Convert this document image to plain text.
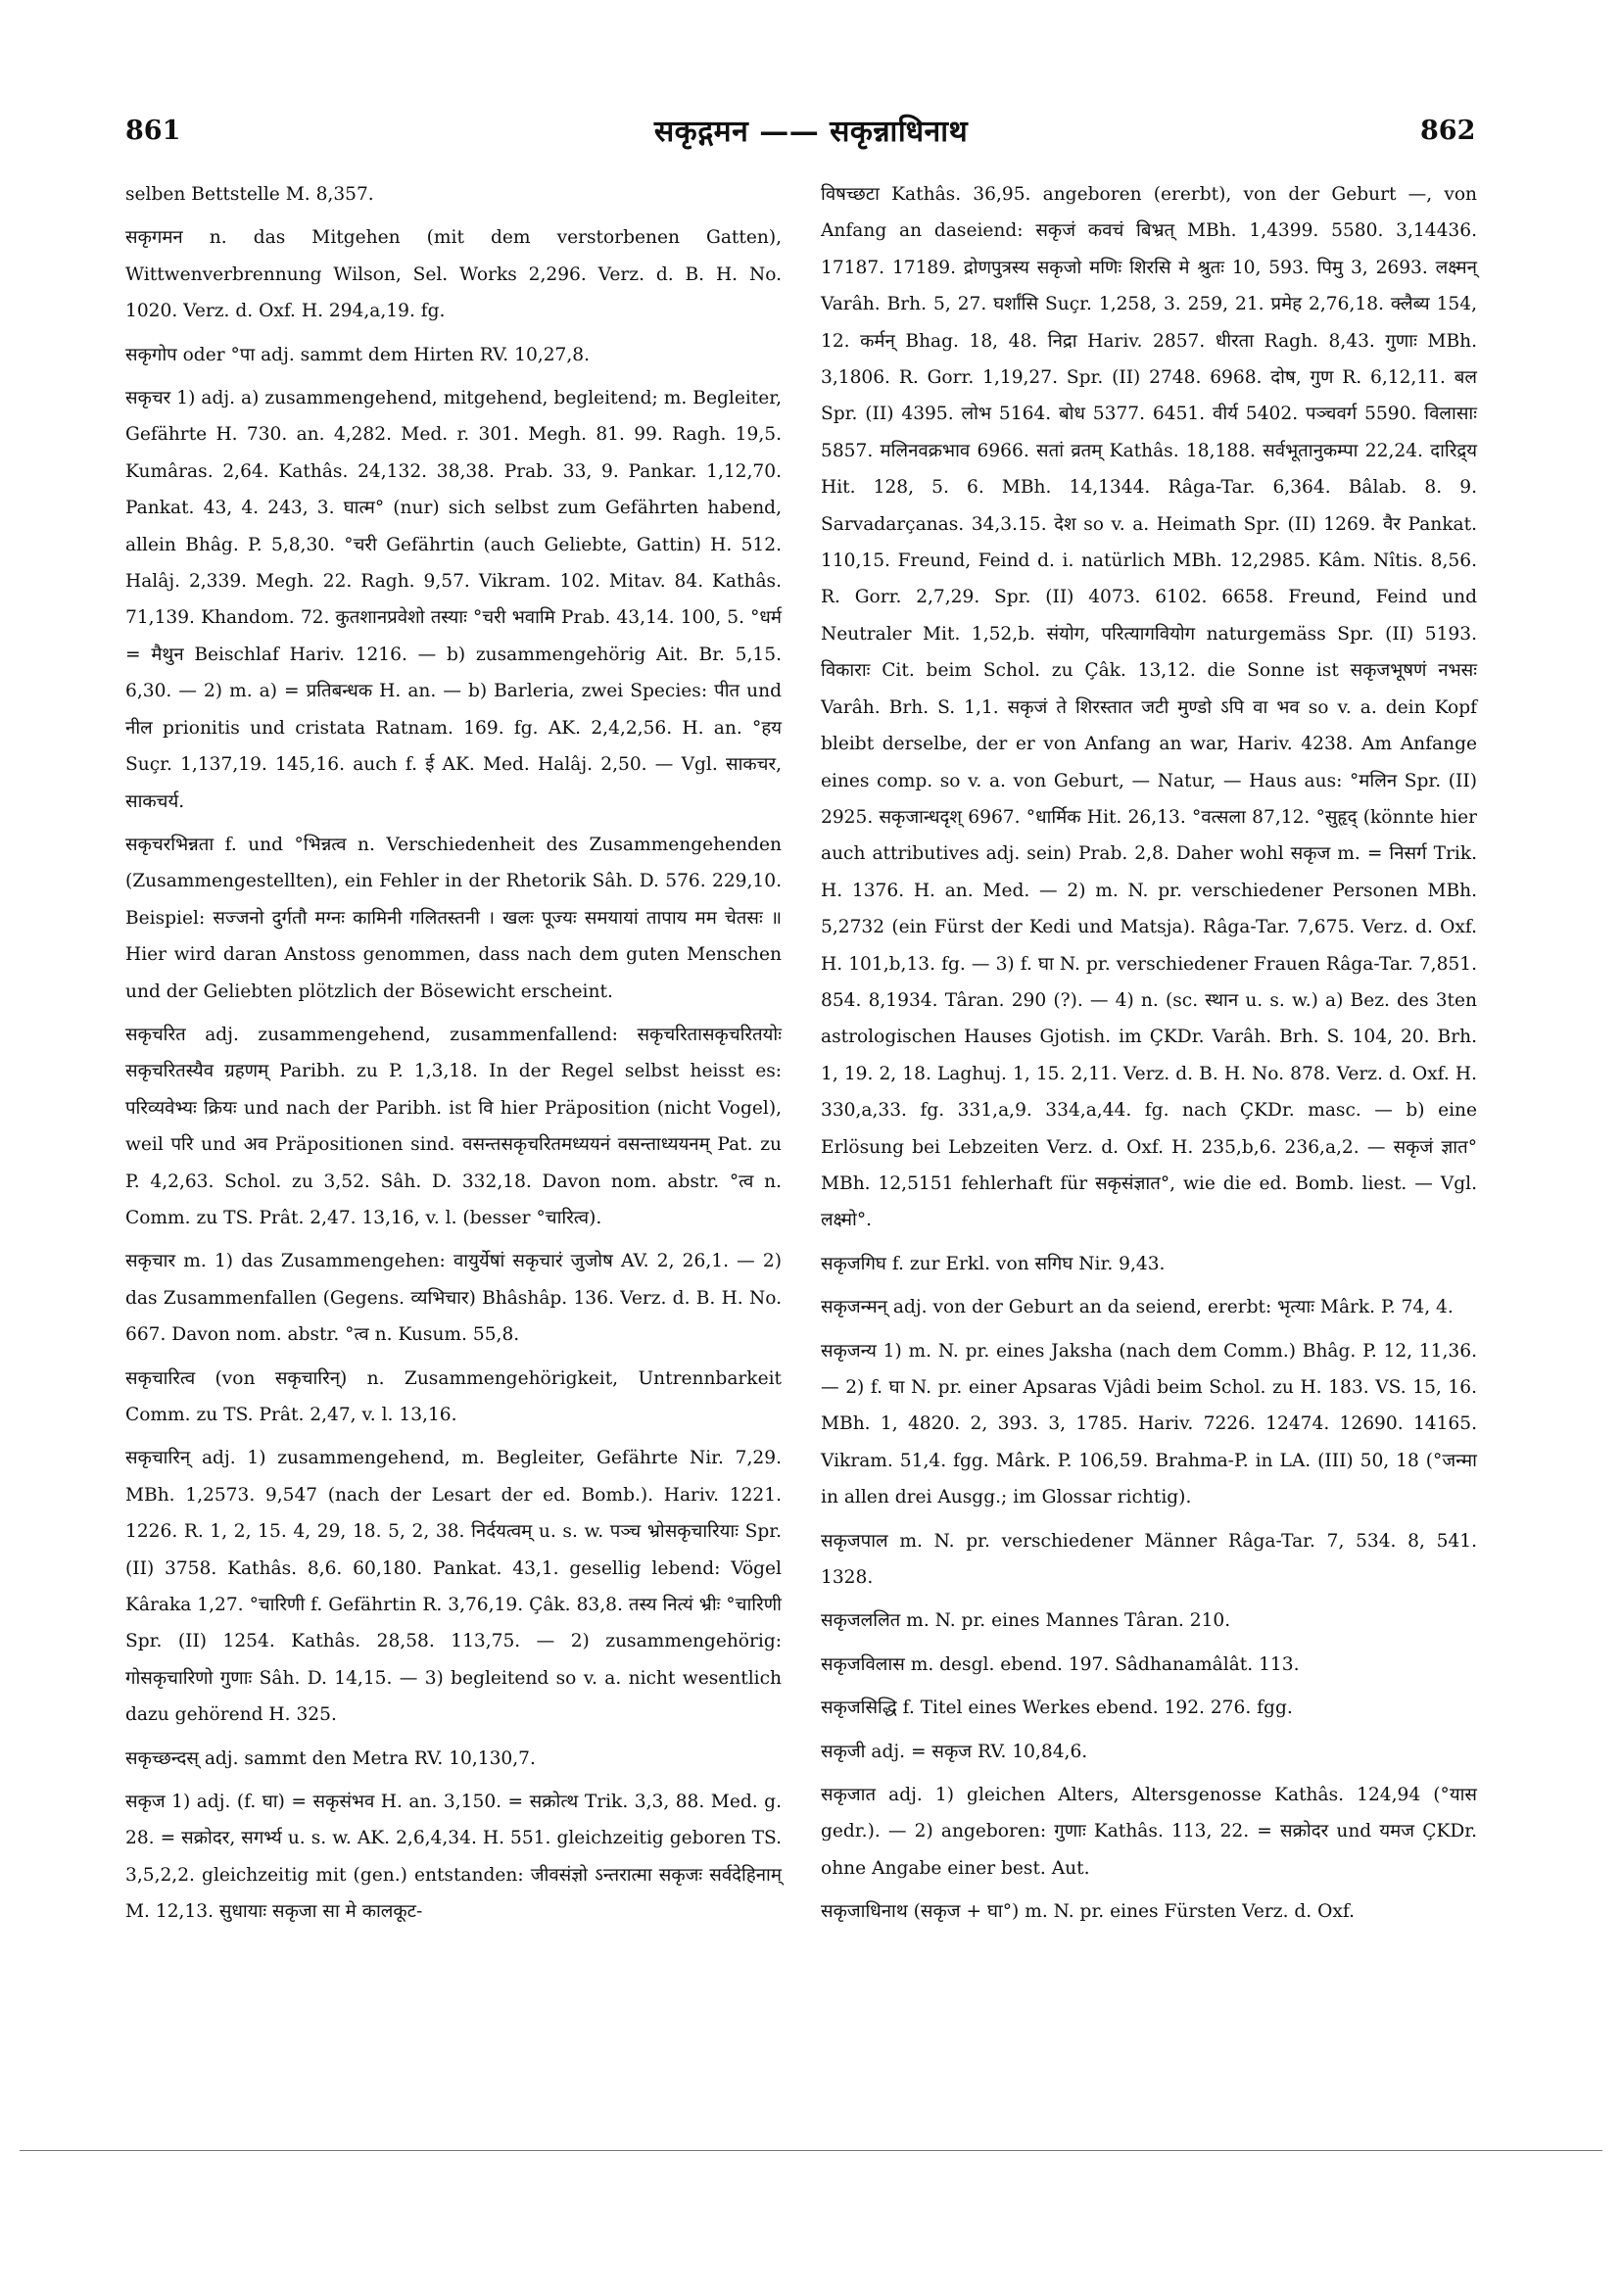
861	सकृद्गमन —— सकृन्नाधिनाथ	862

selben Bettstelle M. 8,357.

सकृगमन n. das Mitgehen (mit dem verstorbenen Gatten), Wittwenverbrennung Wilson, Sel. Works 2,296. Verz. d. B. H. No. 1020. Verz. d. Oxf. H. 294,a,19. fg.

सकृगोप oder °पा adj. sammt dem Hirten RV. 10,27,8.

सकृचर 1) adj. a) zusammengehend, mitgehend, begleitend; m. Begleiter, Gefährte H. 730. an. 4,282. Med. r. 301. Megh. 81. 99. Ragh. 19,5. Kumâras. 2,64. Kathâs. 24,132. 38,38. Prab. 33, 9. Pankar. 1,12,70. Pankat. 43, 4. 243, 3. घात्म° (nur) sich selbst zum Gefährten habend, allein Bhâg. P. 5,8,30. °चरी Gefährtin (auch Geliebte, Gattin) H. 512. Halâj. 2,339. Megh. 22. Ragh. 9,57. Vikram. 102. Mitav. 84. Kathâs. 71,139. Khandom. 72. कुतशानप्रवेशो तस्याः °चरी भवामि Prab. 43,14. 100, 5. °धर्म = मैथुन Beischlaf Hariv. 1216. — b) zusammengehörig Ait. Br. 5,15. 6,30. — 2) m. a) = प्रतिबन्धक H. an. — b) Barleria, zwei Species: पीत und नील prionitis und cristata Ratnam. 169. fg. AK. 2,4,2,56. H. an. °हय Suçr. 1,137,19. 145,16. auch f. ई AK. Med. Halâj. 2,50. — Vgl. साकचर, साकचर्य.

सकृचरभिन्नता f. und °भिन्नत्व n. Verschiedenheit des Zusammengehenden (Zusammengestellten), ein Fehler in der Rhetorik Sâh. D. 576. 229,10. Beispiel: सज्जनो दुर्गतौ मग्नः कामिनी गलितस्तनी । खलः पूज्यः समयायां तापाय मम चेतसः ॥ Hier wird daran Anstoss genommen, dass nach dem guten Menschen und der Geliebten plötzlich der Bösewicht erscheint.

सकृचरित adj. zusammengehend, zusammenfallend: सकृचरितासकृचरितयोः सकृचरितस्यैव ग्रहणम् Paribh. zu P. 1,3,18. In der Regel selbst heisst es: परिव्यवेभ्यः क्रियः und nach der Paribh. ist वि hier Präposition (nicht Vogel), weil परि und अव Präpositionen sind. वसन्तसकृचरितमध्ययनं वसन्ताध्ययनम् Pat. zu P. 4,2,63. Schol. zu 3,52. Sâh. D. 332,18. Davon nom. abstr. °त्व n. Comm. zu TS. Prât. 2,47. 13,16, v. l. (besser °चारित्व).

सकृचार m. 1) das Zusammengehen: वायुर्येषां सकृचारं जुजोष AV. 2, 26,1. — 2) das Zusammenfallen (Gegens. व्यभिचार) Bhâshâp. 136. Verz. d. B. H. No. 667. Davon nom. abstr. °त्व n. Kusum. 55,8.

सकृचारित्व (von सकृचारिन्) n. Zusammengehörigkeit, Untrennbarkeit Comm. zu TS. Prât. 2,47, v. l. 13,16.

सकृचारिन् adj. 1) zusammengehend, m. Begleiter, Gefährte Nir. 7,29. MBh. 1,2573. 9,547 (nach der Lesart der ed. Bomb.). Hariv. 1221. 1226. R. 1, 2, 15. 4, 29, 18. 5, 2, 38. निर्दयत्वम् u. s. w. पञ्च भ्रोसकृचारियाः Spr. (II) 3758. Kathâs. 8,6. 60,180. Pankat. 43,1. gesellig lebend: Vögel Kâraka 1,27. °चारिणी f. Gefährtin R. 3,76,19. Çâk. 83,8. तस्य नित्यं भ्रीः °चारिणी Spr. (II) 1254. Kathâs. 28,58. 113,75. — 2) zusammengehörig: गोसकृचारिणो गुणाः Sâh. D. 14,15. — 3) begleitend so v. a. nicht wesentlich dazu gehörend H. 325.

सकृच्छन्दस् adj. sammt den Metra RV. 10,130,7.

सकृज 1) adj. (f. घा) = सकृसंभव H. an. 3,150. = सक्रोत्थ Trik. 3,3, 88. Med. g. 28. = सक्रोदर, सगर्भ्य u. s. w. AK. 2,6,4,34. H. 551. gleichzeitig geboren TS. 3,5,2,2. gleichzeitig mit (gen.) entstanden: जीवसंज्ञो ऽन्तरात्मा सकृजः सर्वदेहिनाम् M. 12,13. सुधायाः सकृजा सा मे कालकूट-

विषच्छटा Kathâs. 36,95. angeboren (ererbt), von der Geburt —, von Anfang an daseiend: सकृजं कवचं बिभ्रत् MBh. 1,4399. 5580. 3,14436. 17187. 17189. द्रोणपुत्रस्य सकृजो मणिः शिरसि मे श्रुतः 10, 593. पिमु 3, 2693. लक्ष्मन् Varâh. Brh. 5, 27. घर्शांसि Suçr. 1,258, 3. 259, 21. प्रमेह 2,76,18. क्लैब्य 154, 12. कर्मन् Bhag. 18, 48. निद्रा Hariv. 2857. धीरता Ragh. 8,43. गुणाः MBh. 3,1806. R. Gorr. 1,19,27. Spr. (II) 2748. 6968. दोष, गुण R. 6,12,11. बल Spr. (II) 4395. लोभ 5164. बोध 5377. 6451. वीर्य 5402. पञ्चवर्ग 5590. विलासाः 5857. मलिनवक्रभाव 6966. सतां व्रतम् Kathâs. 18,188. सर्वभूतानुकम्पा 22,24. दारिद्र्य Hit. 128, 5. 6. MBh. 14,1344. Râga-Tar. 6,364. Bâlab. 8. 9. Sarvadarçanas. 34,3.15. देश so v. a. Heimath Spr. (II) 1269. वैर Pankat. 110,15. Freund, Feind d. i. natürlich MBh. 12,2985. Kâm. Nîtis. 8,56. R. Gorr. 2,7,29. Spr. (II) 4073. 6102. 6658. Freund, Feind und Neutraler Mit. 1,52,b. संयोग, परित्यागवियोग naturgemäss Spr. (II) 5193. विकाराः Cit. beim Schol. zu Çâk. 13,12. die Sonne ist सकृजभूषणं नभसः Varâh. Brh. S. 1,1. सकृजं ते शिरस्तात जटी मुण्डो ऽपि वा भव so v. a. dein Kopf bleibt derselbe, der er von Anfang an war, Hariv. 4238. Am Anfange eines comp. so v. a. von Geburt, — Natur, — Haus aus: °मलिन Spr. (II) 2925. सकृजान्धदृश् 6967. °धार्मिक Hit. 26,13. °वत्सला 87,12. °सुहृद् (könnte hier auch attributives adj. sein) Prab. 2,8. Daher wohl सकृज m. = निसर्ग Trik. H. 1376. H. an. Med. — 2) m. N. pr. verschiedener Personen MBh. 5,2732 (ein Fürst der Kedi und Matsja). Râga-Tar. 7,675. Verz. d. Oxf. H. 101,b,13. fg. — 3) f. घा N. pr. verschiedener Frauen Râga-Tar. 7,851. 854. 8,1934. Târan. 290 (?). — 4) n. (sc. स्थान u. s. w.) a) Bez. des 3ten astrologischen Hauses Gjotish. im ÇKDr. Varâh. Brh. S. 104, 20. Brh. 1, 19. 2, 18. Laghuj. 1, 15. 2,11. Verz. d. B. H. No. 878. Verz. d. Oxf. H. 330,a,33. fg. 331,a,9. 334,a,44. fg. nach ÇKDr. masc. — b) eine Erlösung bei Lebzeiten Verz. d. Oxf. H. 235,b,6. 236,a,2. — सकृजं ज्ञात° MBh. 12,5151 fehlerhaft für सकृसंज्ञात°, wie die ed. Bomb. liest. — Vgl. लक्ष्मो°.

सकृजगिघ f. zur Erkl. von सगिघ Nir. 9,43.

सकृजन्मन् adj. von der Geburt an da seiend, ererbt: भृत्याः Mârk. P. 74, 4.

सकृजन्य 1) m. N. pr. eines Jaksha (nach dem Comm.) Bhâg. P. 12, 11,36. — 2) f. घा N. pr. einer Apsaras Vjâdi beim Schol. zu H. 183. VS. 15, 16. MBh. 1, 4820. 2, 393. 3, 1785. Hariv. 7226. 12474. 12690. 14165. Vikram. 51,4. fgg. Mârk. P. 106,59. Brahma-P. in LA. (III) 50, 18 (°जन्मा in allen drei Ausgg.; im Glossar richtig).

सकृजपाल m. N. pr. verschiedener Männer Râga-Tar. 7, 534. 8, 541. 1328.

सकृजललित m. N. pr. eines Mannes Târan. 210.

सकृजविलास m. desgl. ebend. 197. Sâdhanamâlât. 113.

सकृजसिद्धि f. Titel eines Werkes ebend. 192. 276. fgg.

सकृजी adj. = सकृज RV. 10,84,6.

सकृजात adj. 1) gleichen Alters, Altersgenosse Kathâs. 124,94 (°यास gedr.). — 2) angeboren: गुणाः Kathâs. 113, 22. = सक्रोदर und यमज ÇKDr. ohne Angabe einer best. Aut.

सकृजाधिनाथ (सकृज + घा°) m. N. pr. eines Fürsten Verz. d. Oxf.
